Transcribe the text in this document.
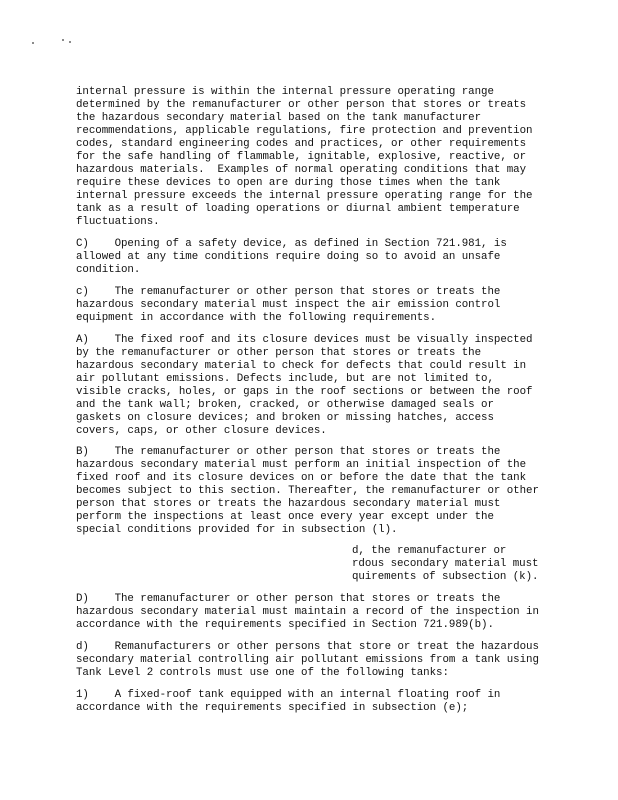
internal pressure is within the internal pressure operating range
determined by the remanufacturer or other person that stores or treats
the hazardous secondary material based on the tank manufacturer
recommendations, applicable regulations, fire protection and prevention
codes, standard engineering codes and practices, or other requirements
for the safe handling of flammable, ignitable, explosive, reactive, or
hazardous materials.  Examples of normal operating conditions that may
require these devices to open are during those times when the tank
internal pressure exceeds the internal pressure operating range for the
tank as a result of loading operations or diurnal ambient temperature
fluctuations.
C)    Opening of a safety device, as defined in Section 721.981, is
allowed at any time conditions require doing so to avoid an unsafe
condition.
c)    The remanufacturer or other person that stores or treats the
hazardous secondary material must inspect the air emission control
equipment in accordance with the following requirements.
A)    The fixed roof and its closure devices must be visually inspected
by the remanufacturer or other person that stores or treats the
hazardous secondary material to check for defects that could result in
air pollutant emissions. Defects include, but are not limited to,
visible cracks, holes, or gaps in the roof sections or between the roof
and the tank wall; broken, cracked, or otherwise damaged seals or
gaskets on closure devices; and broken or missing hatches, access
covers, caps, or other closure devices.
B)    The remanufacturer or other person that stores or treats the
hazardous secondary material must perform an initial inspection of the
fixed roof and its closure devices on or before the date that the tank
becomes subject to this section. Thereafter, the remanufacturer or other
person that stores or treats the hazardous secondary material must
perform the inspections at least once every year except under the
special conditions provided for in subsection (l).
d, the remanufacturer or
rdous secondary material must
quirements of subsection (k).
D)    The remanufacturer or other person that stores or treats the
hazardous secondary material must maintain a record of the inspection in
accordance with the requirements specified in Section 721.989(b).
d)    Remanufacturers or other persons that store or treat the hazardous
secondary material controlling air pollutant emissions from a tank using
Tank Level 2 controls must use one of the following tanks:
1)    A fixed-roof tank equipped with an internal floating roof in
accordance with the requirements specified in subsection (e);
